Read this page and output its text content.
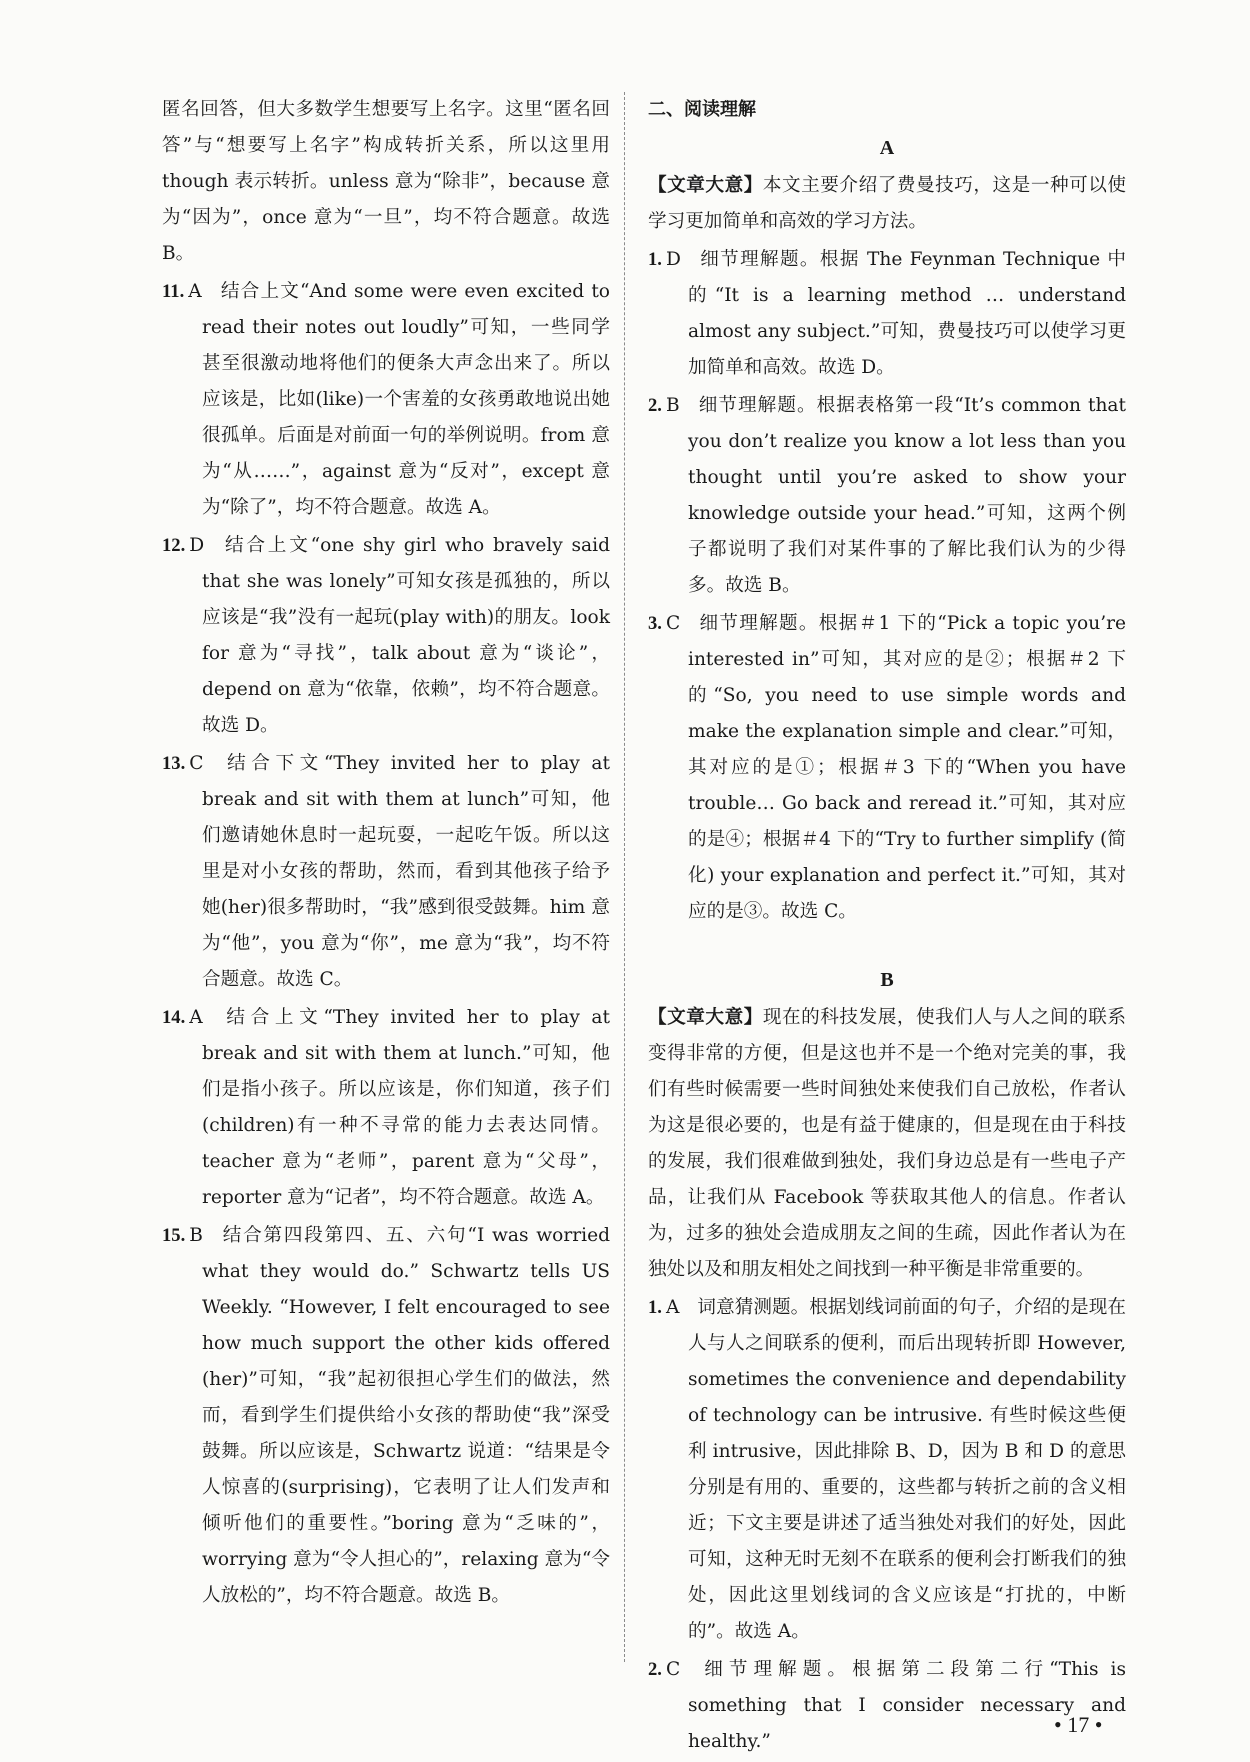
匿名回答，但大多数学生想要写上名字。这里“匿名回答”与“想要写上名字”构成转折关系，所以这里用 though 表示转折。unless 意为“除非”，because 意为“因为”，once 意为“一旦”，均不符合题意。故选 B。
11. A 结合上文“And some were even excited to read their notes out loudly”可知，一些同学甚至很激动地将他们的便条大声念出来了。所以应该是，比如(like)一个害羞的女孩勇敢地说出她很孤单。后面是对前面一句的举例说明。from 意为“从……”，against 意为“反对”，except 意为“除了”，均不符合题意。故选 A。
12. D 结合上文“one shy girl who bravely said that she was lonely”可知女孩是孤独的，所以应该是“我”没有一起玩(play with)的朋友。look for 意为“寻找”，talk about 意为“谈论”，depend on 意为“依靠，依赖”，均不符合题意。故选 D。
13. C 结合下文“They invited her to play at break and sit with them at lunch”可知，他们邀请她休息时一起玩耍，一起吃午饭。所以这里是对小女孩的帮助，然而，看到其他孩子给予她(her)很多帮助时，“我”感到很受鼓舞。him 意为“他”，you 意为“你”，me 意为“我”，均不符合题意。故选 C。
14. A 结合上文“They invited her to play at break and sit with them at lunch.”可知，他们是指小孩子。所以应该是，你们知道，孩子们(children)有一种不寻常的能力去表达同情。teacher 意为“老师”，parent 意为“父母”，reporter 意为“记者”，均不符合题意。故选 A。
15. B 结合第四段第四、五、六句“I was worried what they would do.” Schwartz tells US Weekly. “However, I felt encouraged to see how much support the other kids offered (her)”可知，“我”起初很担心学生们的做法，然而，看到学生们提供给小女孩的帮助使“我”深受鼓舞。所以应该是，Schwartz 说道：“结果是令人惊喜的(surprising)，它表明了让人们发声和倾听他们的重要性。”boring 意为“乏味的”，worrying 意为“令人担心的”，relaxing 意为“令人放松的”，均不符合题意。故选 B。
二、阅读理解
A
【文章大意】本文主要介绍了费曼技巧，这是一种可以使学习更加简单和高效的学习方法。
1. D 细节理解题。根据 The Feynman Technique 中的“It is a learning method … understand almost any subject.”可知，费曼技巧可以使学习更加简单和高效。故选 D。
2. B 细节理解题。根据表格第一段“It’s common that you don’t realize you know a lot less than you thought until you’re asked to show your knowledge outside your head.”可知，这两个例子都说明了我们对某件事的了解比我们认为的少得多。故选 B。
3. C 细节理解题。根据＃1 下的“Pick a topic you’re interested in”可知，其对应的是②；根据＃2 下的“So, you need to use simple words and make the explanation simple and clear.”可知，其对应的是①；根据＃3 下的“When you have trouble… Go back and reread it.”可知，其对应的是④；根据＃4 下的“Try to further simplify (简化) your explanation and perfect it.”可知，其对应的是③。故选 C。
B
【文章大意】现在的科技发展，使我们人与人之间的联系变得非常的方便，但是这也并不是一个绝对完美的事，我们有些时候需要一些时间独处来使我们自己放松，作者认为这是很必要的，也是有益于健康的，但是现在由于科技的发展，我们很难做到独处，我们身边总是有一些电子产品，让我们从 Facebook 等获取其他人的信息。作者认为，过多的独处会造成朋友之间的生疏，因此作者认为在独处以及和朋友相处之间找到一种平衡是非常重要的。
1. A 词意猜测题。根据划线词前面的句子，介绍的是现在人与人之间联系的便利，而后出现转折即 However, sometimes the convenience and dependability of technology can be intrusive. 有些时候这些便利 intrusive，因此排除 B、D，因为 B 和 D 的意思分别是有用的、重要的，这些都与转折之前的含义相近；下文主要是讲述了适当独处对我们的好处，因此可知，这种无时无刻不在联系的便利会打断我们的独处，因此这里划线词的含义应该是“打扰的，中断的”。故选 A。
2. C 细节理解题。根据第二段第二行“This is something that I consider necessary and healthy.”
• 17 •
